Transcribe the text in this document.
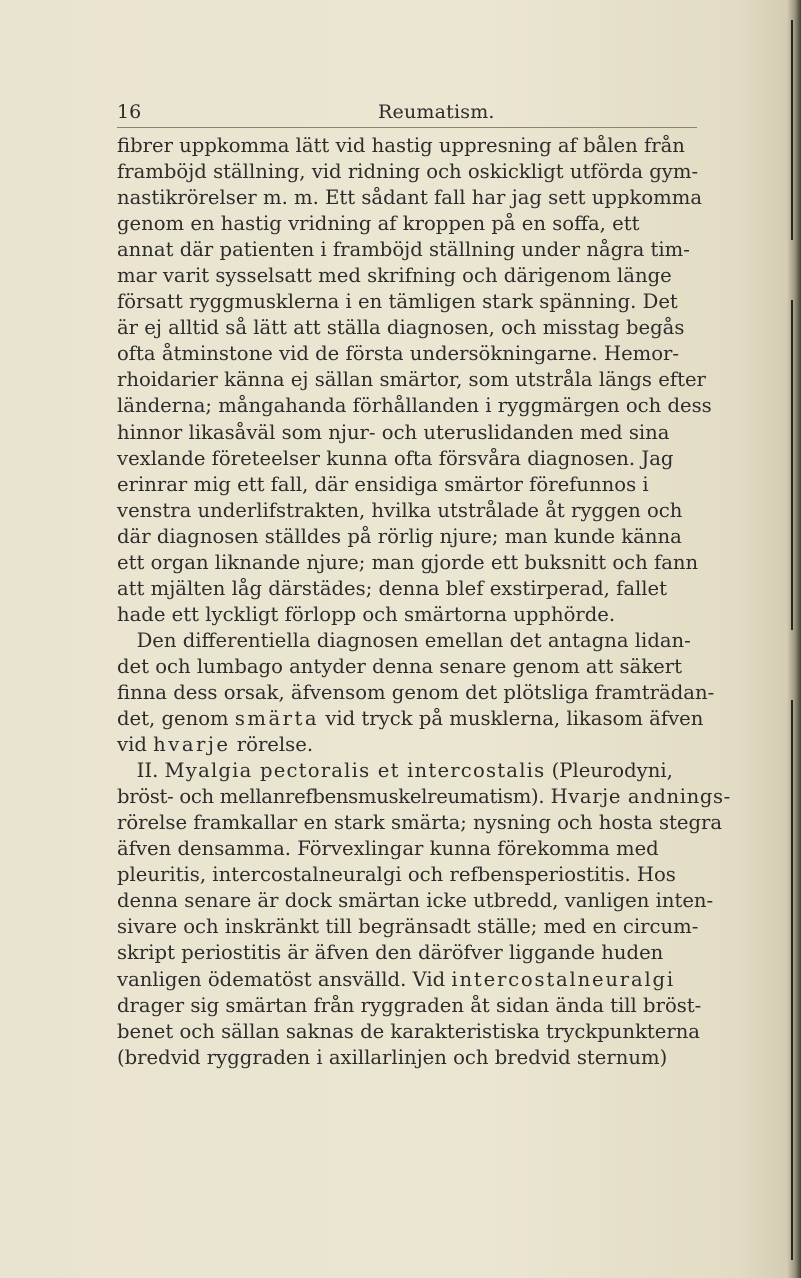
16	Reumatism.
fibrer uppkomma lätt vid hastig uppresning af bålen från
framböjd ställning, vid ridning och oskickligt utförda gym-
nastikrörelser m. m. Ett sådant fall har jag sett uppkomma
genom en hastig vridning af kroppen på en soffa, ett
annat där patienten i framböjd ställning under några tim-
mar varit sysselsatt med skrifning och därigenom länge
försatt ryggmusklerna i en tämligen stark spänning. Det
är ej alltid så lätt att ställa diagnosen, och misstag begås
ofta åtminstone vid de första undersökningarne. Hemor-
rhoidarier känna ej sällan smärtor, som utstråla längs efter
länderna; mångahanda förhållanden i ryggmärgen och dess
hinnor likasåväl som njur- och uteruslidanden med sina
vexlande företeelser kunna ofta försvåra diagnosen. Jag
erinrar mig ett fall, där ensidiga smärtor förefunnos i
venstra underlifstrakten, hvilka utstrålade åt ryggen och
där diagnosen ställdes på rörlig njure; man kunde känna
ett organ liknande njure; man gjorde ett buksnitt och fann
att mjälten låg därstädes; denna blef exstirperad, fallet
hade ett lyckligt förlopp och smärtorna upphörde.
 Den differentiella diagnosen emellan det antagna lidan-
det och lumbago antyder denna senare genom att säkert
finna dess orsak, äfvensom genom det plötsliga framträdan-
det, genom smärta vid tryck på musklerna, likasom äfven
vid hvarje rörelse.
 II. Myalgia pectoralis et intercostalis (Pleurodyni,
bröst- och mellanrefbensmuskelreumatism). Hvarje andnings-
rörelse framkallar en stark smärta; nysning och hosta stegra
äfven densamma. Förvexlingar kunna förekomma med
pleuritis, intercostalneuralgi och refbensperiostitis. Hos
denna senare är dock smärtan icke utbredd, vanligen inten-
sivare och inskränkt till begränsadt ställe; med en circum-
skript periostitis är äfven den däröfver liggande huden
vanligen ödematöst ansvälld. Vid intercostalneuralgi
drager sig smärtan från ryggraden åt sidan ända till bröst-
benet och sällan saknas de karakteristiska tryckpunkterna
(bredvid ryggraden i axillarlinjen och bredvid sternum)
